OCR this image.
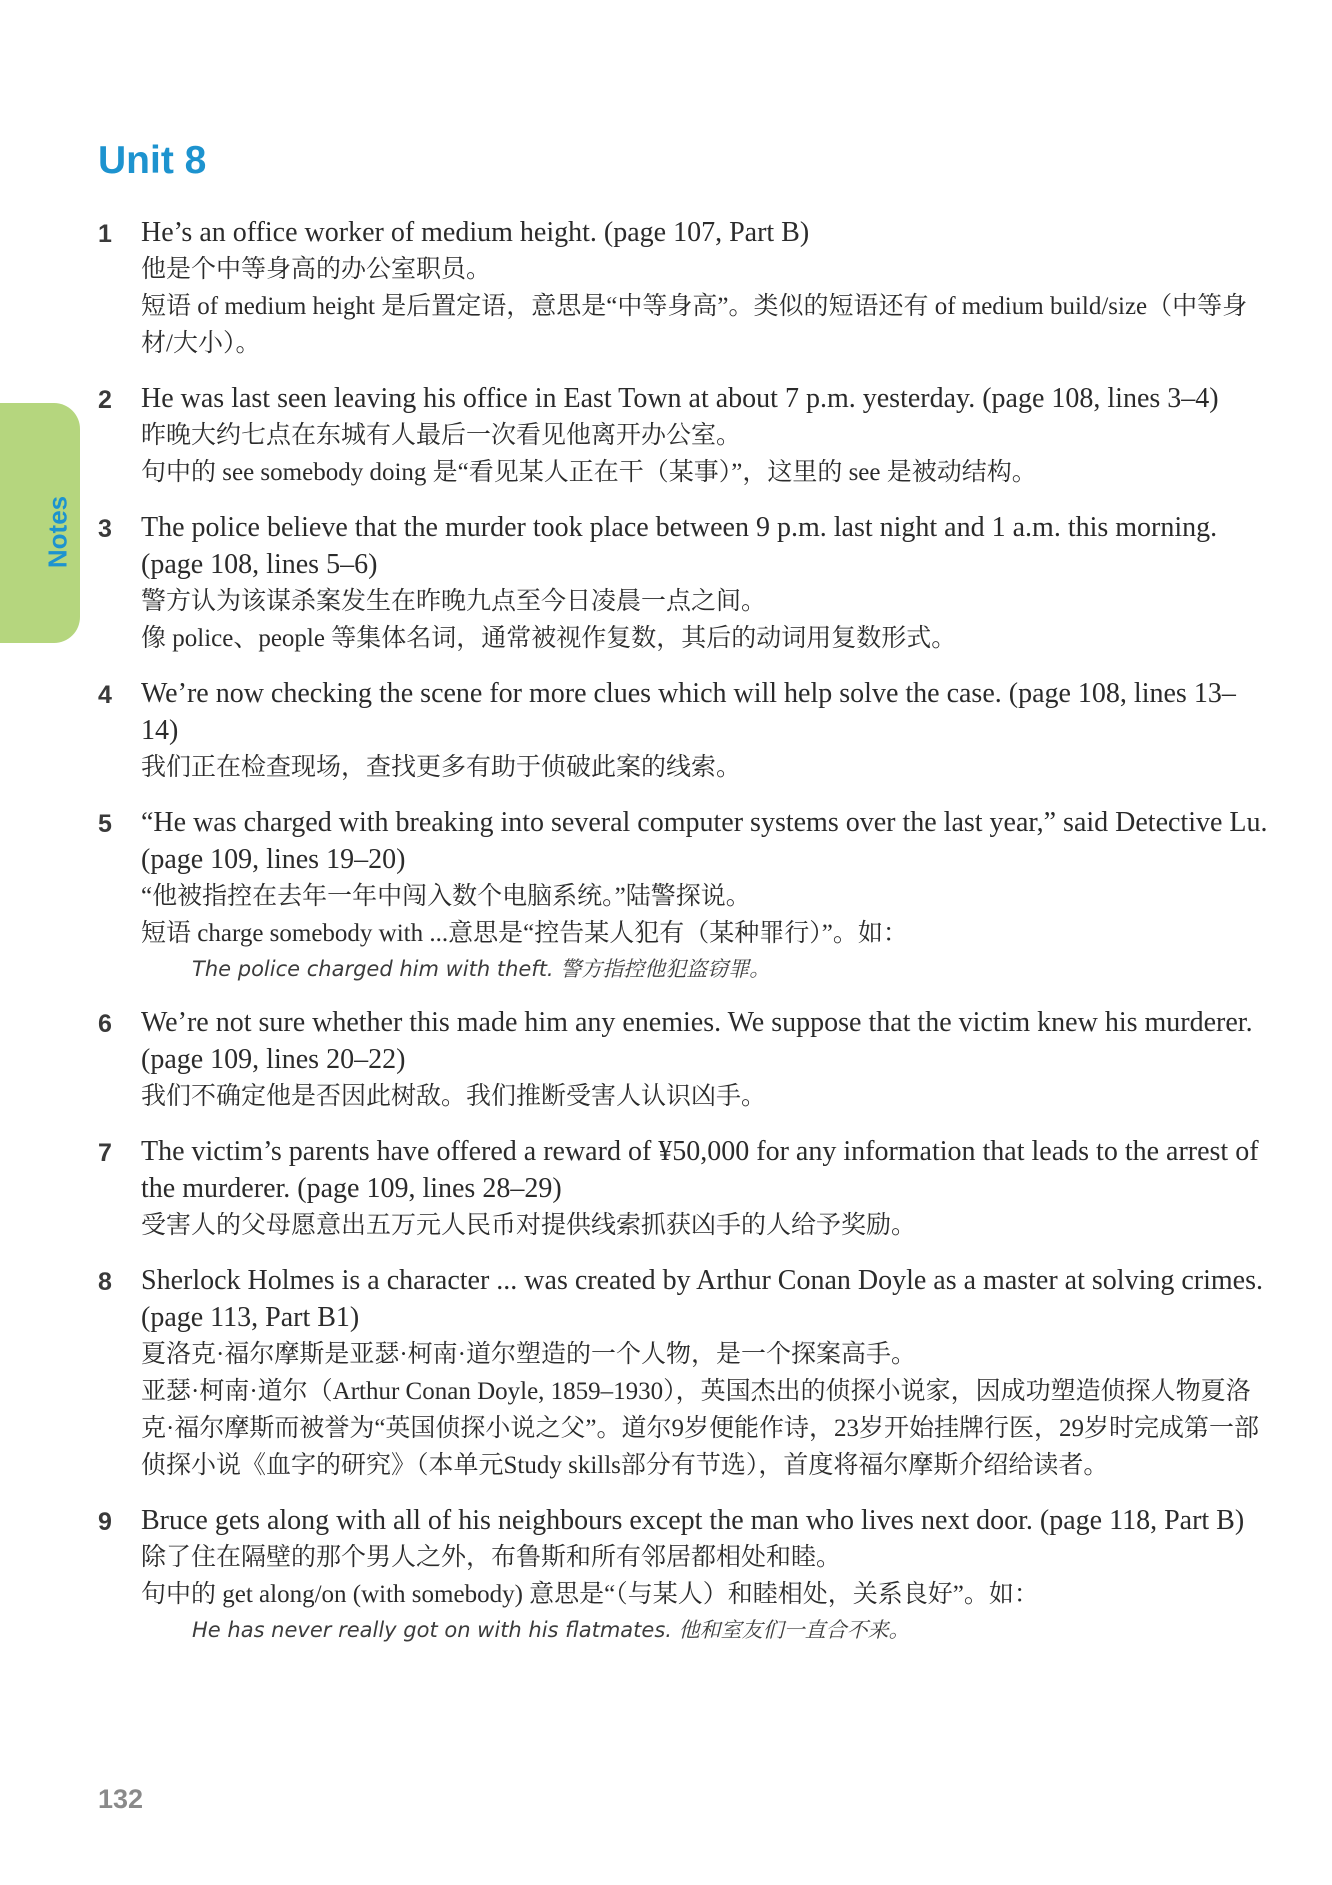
Notes
Unit 8
1 He’s an office worker of medium height. (page 107, Part B)

他是个中等身高的办公室职员。

短语 of medium height 是后置定语，意思是“中等身高”。类似的短语还有 of medium build/size（中等身材/大小）。

2 He was last seen leaving his office in East Town at about 7 p.m. yesterday. (page 108, lines 3–4)

昨晚大约七点在东城有人最后一次看见他离开办公室。

句中的 see somebody doing 是“看见某人正在干（某事）”，这里的 see 是被动结构。

3 The police believe that the murder took place between 9 p.m. last night and 1 a.m. this morning. (page 108, lines 5–6)

警方认为该谋杀案发生在昨晚九点至今日凌晨一点之间。

像 police、people 等集体名词，通常被视作复数，其后的动词用复数形式。

4 We’re now checking the scene for more clues which will help solve the case. (page 108, lines 13–14)

我们正在检查现场，查找更多有助于侦破此案的线索。

5 “He was charged with breaking into several computer systems over the last year,” said Detective Lu. (page 109, lines 19–20)

“他被指控在去年一年中闯入数个电脑系统。”陆警探说。

短语 charge somebody with ...意思是“控告某人犯有（某种罪行）”。如：

The police charged him with theft. 警方指控他犯盗窃罪。

6 We’re not sure whether this made him any enemies. We suppose that the victim knew his murderer. (page 109, lines 20–22)

我们不确定他是否因此树敌。我们推断受害人认识凶手。

7 The victim’s parents have offered a reward of ¥50,000 for any information that leads to the arrest of the murderer. (page 109, lines 28–29)

受害人的父母愿意出五万元人民币对提供线索抓获凶手的人给予奖励。

8 Sherlock Holmes is a character ... was created by Arthur Conan Doyle as a master at solving crimes. (page 113, Part B1)

夏洛克·福尔摩斯是亚瑟·柯南·道尔塑造的一个人物，是一个探案高手。

亚瑟·柯南·道尔（Arthur Conan Doyle, 1859–1930），英国杰出的侦探小说家，因成功塑造侦探人物夏洛克·福尔摩斯而被誉为“英国侦探小说之父”。道尔9岁便能作诗，23岁开始挂牌行医，29岁时完成第一部侦探小说《血字的研究》（本单元Study skills部分有节选），首度将福尔摩斯介绍给读者。

9 Bruce gets along with all of his neighbours except the man who lives next door. (page 118, Part B)

除了住在隔壁的那个男人之外，布鲁斯和所有邻居都相处和睦。

句中的 get along/on (with somebody) 意思是“（与某人）和睦相处，关系良好”。如：

He has never really got on with his flatmates. 他和室友们一直合不来。

132
